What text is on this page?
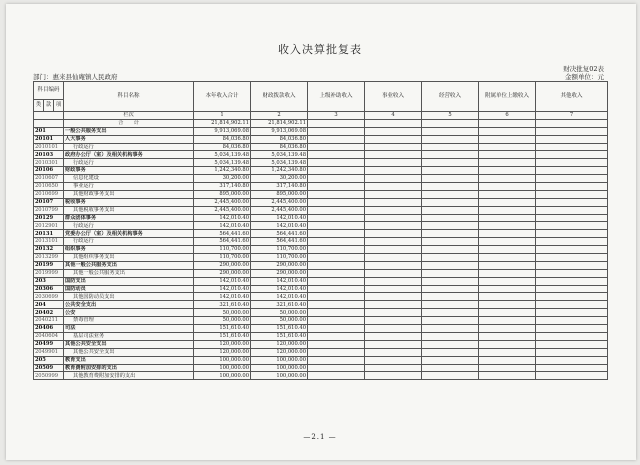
收入决算批复表
财决批复02表
部门：惠来县仙庵镇人民政府	金额单位：元
科目编码			科目名称	本年收入合计	财政拨款收入	上级补助收入	事业收入	经营收入	附属单位上缴收入	其他收入
类	款	项								
			栏次	1	2	3	4	5	6	7
			合　　计	21,814,902.11	21,814,902.11					
201			一般公共服务支出	9,913,069.08	9,913,069.08					
20101			人大事务	84,036.80	84,036.80					
2010101			行政运行	84,036.80	84,036.80					
20103			政府办公厅（室）及相关机构事务	5,034,139.48	5,034,139.48					
2010301			行政运行	5,034,139.48	5,034,139.48					
20106			财政事务	1,242,340.80	1,242,340.80					
2010607			信息化建设	30,200.00	30,200.00					
2010650			事业运行	317,140.80	317,140.80					
2010699			其他财政事务支出	895,000.00	895,000.00					
20107			税收事务	2,445,400.00	2,445,400.00					
2010799			其他税收事务支出	2,445,400.00	2,445,400.00					
20129			群众团体事务	142,010.40	142,010.40					
2012901			行政运行	142,010.40	142,010.40					
20131			党委办公厅（室）及相关机构事务	564,441.60	564,441.60					
2013101			行政运行	564,441.60	564,441.60					
20132			组织事务	110,700.00	110,700.00					
2013299			其他组织事务支出	110,700.00	110,700.00					
20199			其他一般公共服务支出	290,000.00	290,000.00					
2019999			其他一般公共服务支出	290,000.00	290,000.00					
203			国防支出	142,010.40	142,010.40					
20306			国防动员	142,010.40	142,010.40					
2030699			其他国防动员支出	142,010.40	142,010.40					
204			公共安全支出	321,610.40	321,610.40					
20402			公安	50,000.00	50,000.00					
2040211			禁毒管理	50,000.00	50,000.00					
20406			司法	151,610.40	151,610.40					
2040604			基层司法业务	151,610.40	151,610.40					
20499			其他公共安全支出	120,000.00	120,000.00					
2049901			其他公共安全支出	120,000.00	120,000.00					
205			教育支出	100,000.00	100,000.00					
20509			教育费附加安排的支出	100,000.00	100,000.00					
2050999			其他教育费附加安排的支出	100,000.00	100,000.00					
—2.1 —
